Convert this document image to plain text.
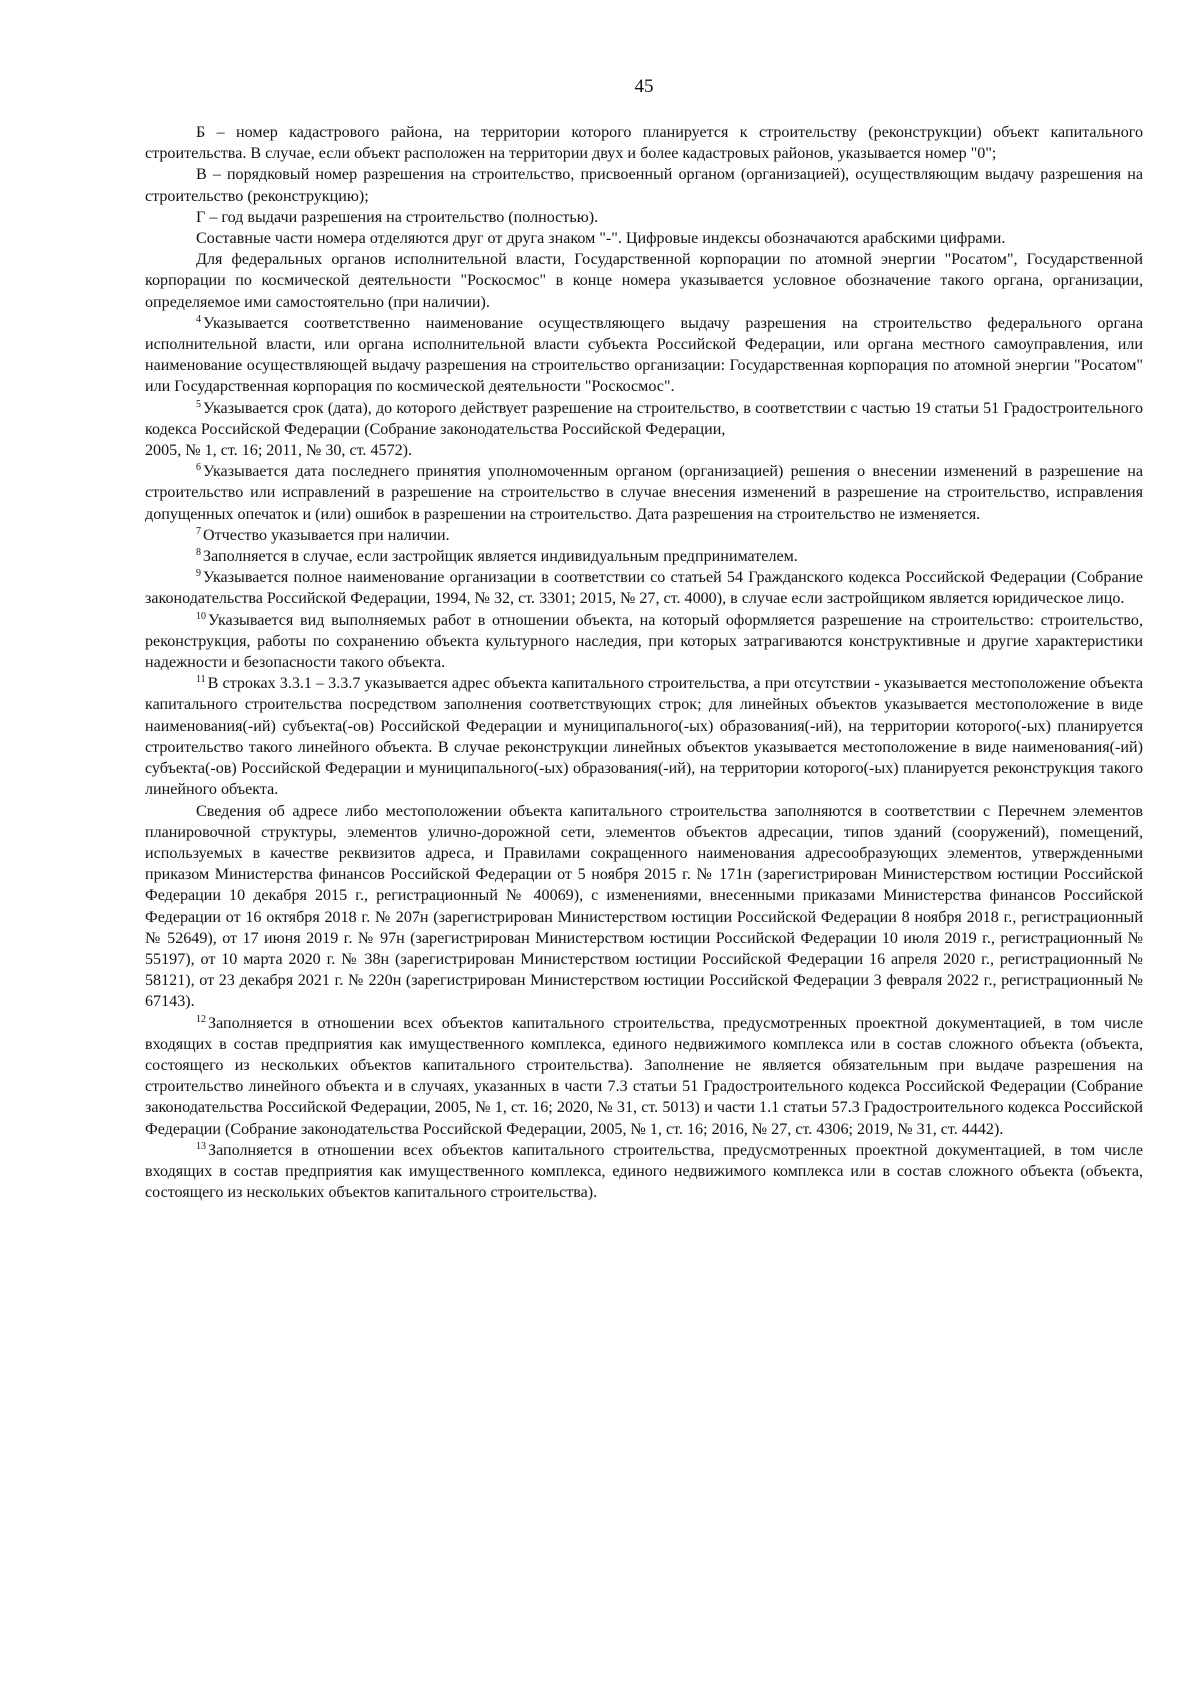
45

Б – номер кадастрового района, на территории которого планируется к строительству (реконструкции) объект капитального строительства. В случае, если объект расположен на территории двух и более кадастровых районов, указывается номер "0";

В – порядковый номер разрешения на строительство, присвоенный органом (организацией), осуществляющим выдачу разрешения на строительство (реконструкцию);

Г – год выдачи разрешения на строительство (полностью).

Составные части номера отделяются друг от друга знаком "-". Цифровые индексы обозначаются арабскими цифрами.

Для федеральных органов исполнительной власти, Государственной корпорации по атомной энергии "Росатом", Государственной корпорации по космической деятельности "Роскосмос" в конце номера указывается условное обозначение такого органа, организации, определяемое ими самостоятельно (при наличии).

$^4$ Указывается соответственно наименование осуществляющего выдачу разрешения на строительство федерального органа исполнительной власти, или органа исполнительной власти субъекта Российской Федерации, или органа местного самоуправления, или наименование осуществляющей выдачу разрешения на строительство организации: Государственная корпорация по атомной энергии "Росатом" или Государственная корпорация по космической деятельности "Роскосмос".

$^5$ Указывается срок (дата), до которого действует разрешение на строительство, в соответствии с частью 19 статьи 51 Градостроительного кодекса Российской Федерации (Собрание законодательства Российской Федерации,

2005, № 1, ст. 16; 2011, № 30, ст. 4572).

$^6$ Указывается дата последнего принятия уполномоченным органом (организацией) решения о внесении изменений в разрешение на строительство или исправлений в разрешение на строительство в случае внесения изменений в разрешение на строительство, исправления допущенных опечаток и (или) ошибок в разрешении на строительство. Дата разрешения на строительство не изменяется.

$^7$ Отчество указывается при наличии.

$^8$ Заполняется в случае, если застройщик является индивидуальным предпринимателем.

$^9$ Указывается полное наименование организации в соответствии со статьей 54 Гражданского кодекса Российской Федерации (Собрание законодательства Российской Федерации, 1994, № 32, ст. 3301; 2015, № 27, ст. 4000), в случае если застройщиком является юридическое лицо.

$^{10}$ Указывается вид выполняемых работ в отношении объекта, на который оформляется разрешение на строительство: строительство, реконструкция, работы по сохранению объекта культурного наследия, при которых затрагиваются конструктивные и другие характеристики надежности и безопасности такого объекта.

$^{11}$ В строках 3.3.1 – 3.3.7 указывается адрес объекта капитального строительства, а при отсутствии - указывается местоположение объекта капитального строительства посредством заполнения соответствующих строк; для линейных объектов указывается местоположение в виде наименования(-ий) субъекта(-ов) Российской Федерации и муниципального(-ых) образования(-ий), на территории которого(-ых) планируется строительство такого линейного объекта. В случае реконструкции линейных объектов указывается местоположение в виде наименования(-ий) субъекта(-ов) Российской Федерации и муниципального(-ых) образования(-ий), на территории которого(-ых) планируется реконструкция такого линейного объекта.

Сведения об адресе либо местоположении объекта капитального строительства заполняются в соответствии с Перечнем элементов планировочной структуры, элементов улично-дорожной сети, элементов объектов адресации, типов зданий (сооружений), помещений, используемых в качестве реквизитов адреса, и Правилами сокращенного наименования адресообразующих элементов, утвержденными приказом Министерства финансов Российской Федерации от 5 ноября 2015 г. № 171н (зарегистрирован Министерством юстиции Российской Федерации 10 декабря 2015 г., регистрационный № 40069), с изменениями, внесенными приказами Министерства финансов Российской Федерации от 16 октября 2018 г. № 207н (зарегистрирован Министерством юстиции Российской Федерации 8 ноября 2018 г., регистрационный № 52649), от 17 июня 2019 г. № 97н (зарегистрирован Министерством юстиции Российской Федерации 10 июля 2019 г., регистрационный № 55197), от 10 марта 2020 г. № 38н (зарегистрирован Министерством юстиции Российской Федерации 16 апреля 2020 г., регистрационный № 58121), от 23 декабря 2021 г. № 220н (зарегистрирован Министерством юстиции Российской Федерации 3 февраля 2022 г., регистрационный № 67143).

$^{12}$ Заполняется в отношении всех объектов капитального строительства, предусмотренных проектной документацией, в том числе входящих в состав предприятия как имущественного комплекса, единого недвижимого комплекса или в состав сложного объекта (объекта, состоящего из нескольких объектов капитального строительства). Заполнение не является обязательным при выдаче разрешения на строительство линейного объекта и в случаях, указанных в части 7.3 статьи 51 Градостроительного кодекса Российской Федерации (Собрание законодательства Российской Федерации, 2005, № 1, ст. 16; 2020, № 31, ст. 5013) и части 1.1 статьи 57.3 Градостроительного кодекса Российской Федерации (Собрание законодательства Российской Федерации, 2005, № 1, ст. 16; 2016, № 27, ст. 4306; 2019, № 31, ст. 4442).

$^{13}$ Заполняется в отношении всех объектов капитального строительства, предусмотренных проектной документацией, в том числе входящих в состав предприятия как имущественного комплекса, единого недвижимого комплекса или в состав сложного объекта (объекта, состоящего из нескольких объектов капитального строительства).
